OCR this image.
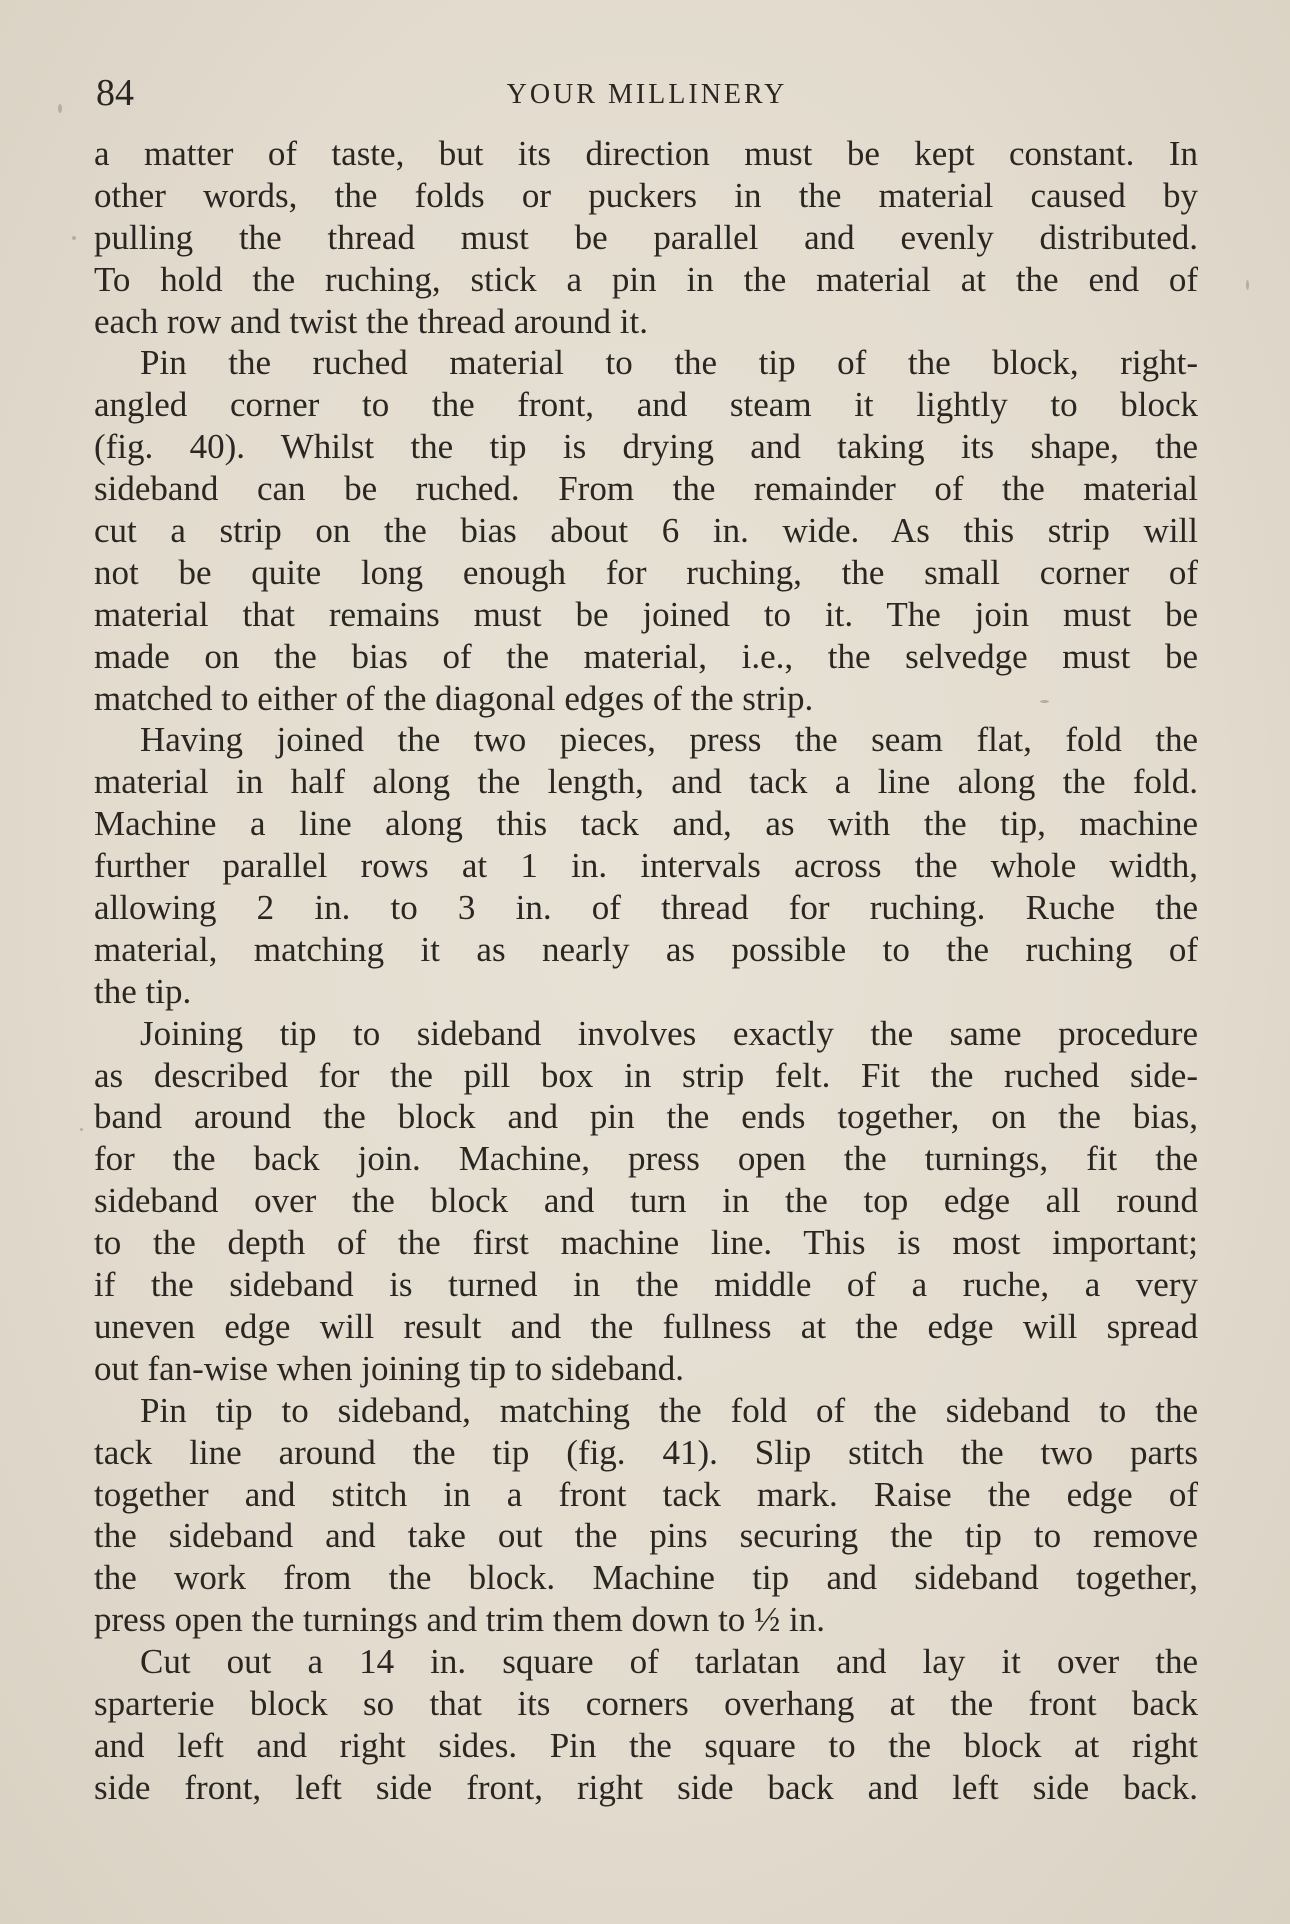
84	YOUR MILLINERY
a matter of taste, but its direction must be kept constant. In
other words, the folds or puckers in the material caused by
pulling the thread must be parallel and evenly distributed.
To hold the ruching, stick a pin in the material at the end of
each row and twist the thread around it.
Pin the ruched material to the tip of the block, right-
angled corner to the front, and steam it lightly to block
(fig. 40). Whilst the tip is drying and taking its shape, the
sideband can be ruched. From the remainder of the material
cut a strip on the bias about 6 in. wide. As this strip will
not be quite long enough for ruching, the small corner of
material that remains must be joined to it. The join must be
made on the bias of the material, i.e., the selvedge must be
matched to either of the diagonal edges of the strip.
Having joined the two pieces, press the seam flat, fold the
material in half along the length, and tack a line along the fold.
Machine a line along this tack and, as with the tip, machine
further parallel rows at 1 in. intervals across the whole width,
allowing 2 in. to 3 in. of thread for ruching. Ruche the
material, matching it as nearly as possible to the ruching of
the tip.
Joining tip to sideband involves exactly the same procedure
as described for the pill box in strip felt. Fit the ruched side-
band around the block and pin the ends together, on the bias,
for the back join. Machine, press open the turnings, fit the
sideband over the block and turn in the top edge all round
to the depth of the first machine line. This is most important;
if the sideband is turned in the middle of a ruche, a very
uneven edge will result and the fullness at the edge will spread
out fan-wise when joining tip to sideband.
Pin tip to sideband, matching the fold of the sideband to the
tack line around the tip (fig. 41). Slip stitch the two parts
together and stitch in a front tack mark. Raise the edge of
the sideband and take out the pins securing the tip to remove
the work from the block. Machine tip and sideband together,
press open the turnings and trim them down to ½ in.
Cut out a 14 in. square of tarlatan and lay it over the
sparterie block so that its corners overhang at the front back
and left and right sides. Pin the square to the block at right
side front, left side front, right side back and left side back.
